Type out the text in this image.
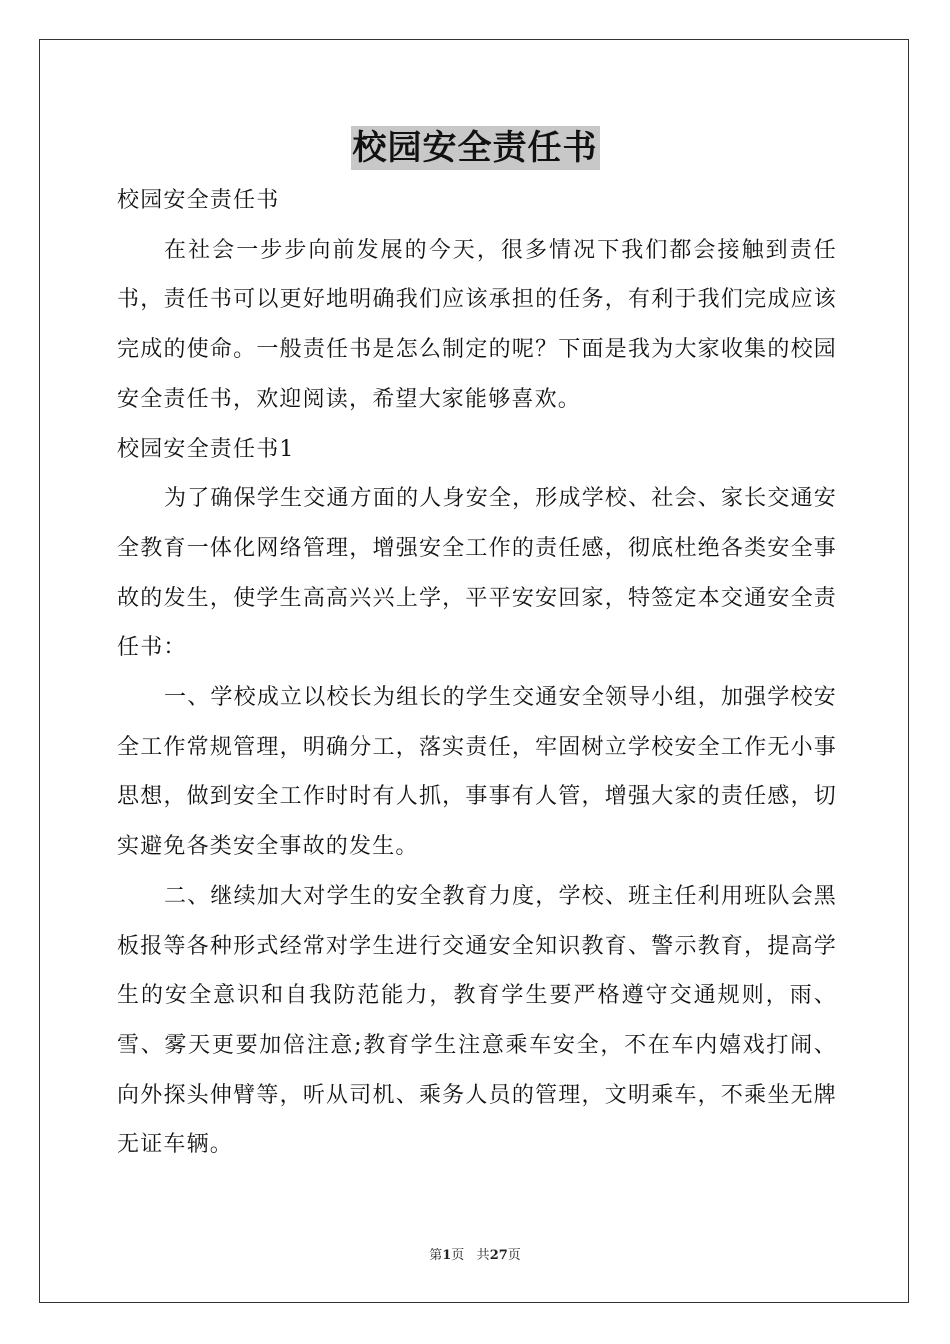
校园安全责任书

校园安全责任书

在社会一步步向前发展的今天，很多情况下我们都会接触到责任书，责任书可以更好地明确我们应该承担的任务，有利于我们完成应该完成的使命。一般责任书是怎么制定的呢？下面是我为大家收集的校园安全责任书，欢迎阅读，希望大家能够喜欢。

校园安全责任书1

为了确保学生交通方面的人身安全，形成学校、社会、家长交通安全教育一体化网络管理，增强安全工作的责任感，彻底杜绝各类安全事故的发生，使学生高高兴兴上学，平平安安回家，特签定本交通安全责任书：

一、学校成立以校长为组长的学生交通安全领导小组，加强学校安全工作常规管理，明确分工，落实责任，牢固树立学校安全工作无小事思想，做到安全工作时时有人抓，事事有人管，增强大家的责任感，切实避免各类安全事故的发生。

二、继续加大对学生的安全教育力度，学校、班主任利用班队会黑板报等各种形式经常对学生进行交通安全知识教育、警示教育，提高学生的安全意识和自我防范能力，教育学生要严格遵守交通规则，雨、雪、雾天更要加倍注意;教育学生注意乘车安全，不在车内嬉戏打闹、向外探头伸臂等，听从司机、乘务人员的管理，文明乘车，不乘坐无牌无证车辆。

第1页 共27页
